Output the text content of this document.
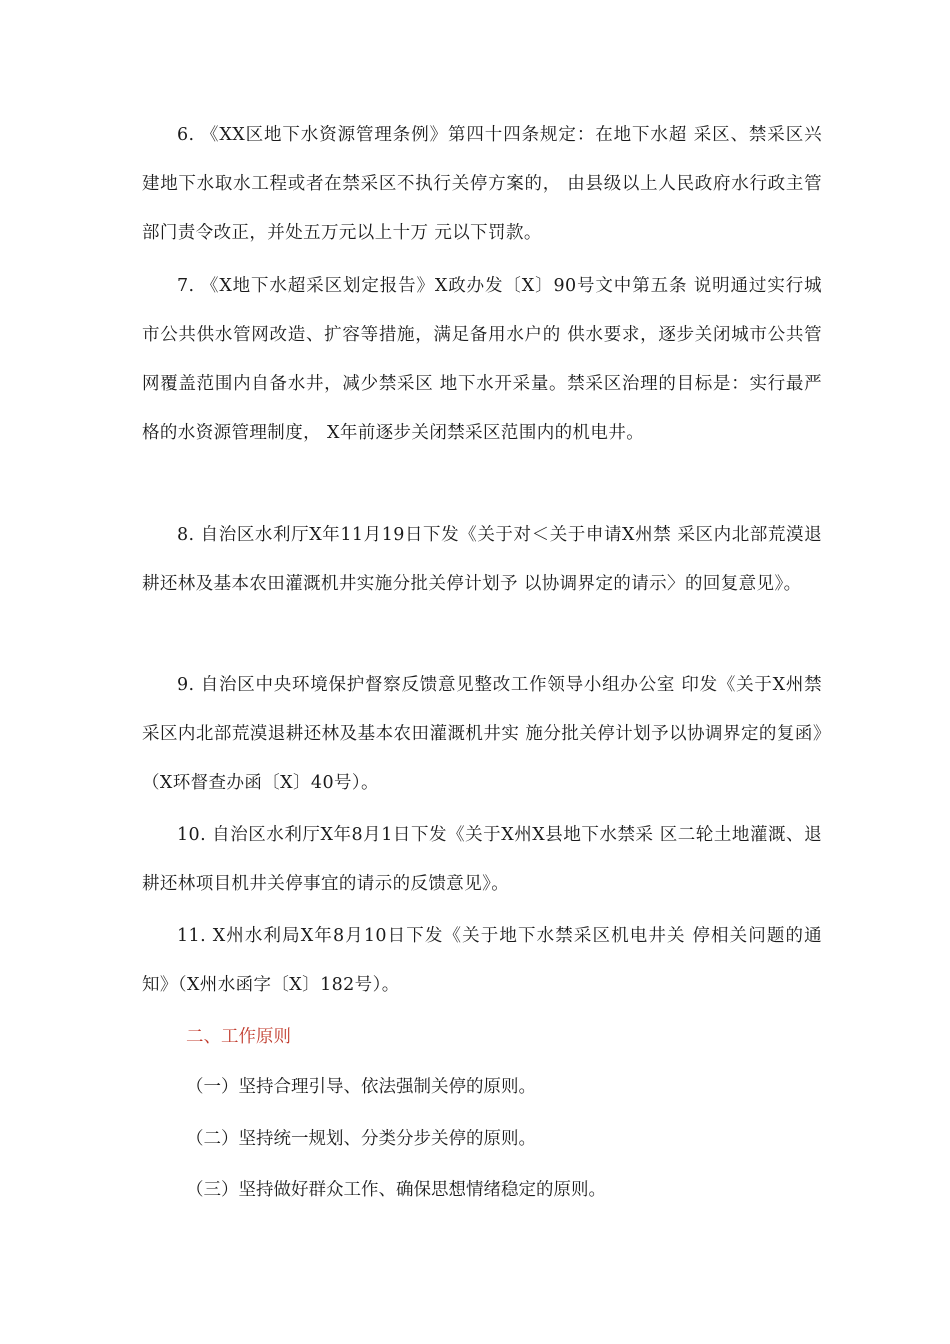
6. 《XX区地下水资源管理条例》第四十四条规定：在地下水超 采区、禁采区兴建地下水取水工程或者在禁采区不执行关停方案的， 由县级以上人民政府水行政主管部门责令改正，并处五万元以上十万 元以下罚款。

7. 《X地下水超采区划定报告》X政办发〔X〕90号文中第五条 说明通过实行城市公共供水管网改造、扩容等措施，满足备用水户的 供水要求，逐步关闭城市公共管网覆盖范围内自备水井，减少禁采区 地下水开采量。禁采区治理的目标是：实行最严格的水资源管理制度， X年前逐步关闭禁采区范围内的机电井。

8. 自治区水利厅X年11月19日下发《关于对＜关于申请X州禁 采区内北部荒漠退耕还林及基本农田灌溉机井实施分批关停计划予 以协调界定的请示〉的回复意见》。

9. 自治区中央环境保护督察反馈意见整改工作领导小组办公室 印发《关于X州禁采区内北部荒漠退耕还林及基本农田灌溉机井实 施分批关停计划予以协调界定的复函》（X环督查办函〔X〕40号）。

10. 自治区水利厅X年8月1日下发《关于X州X县地下水禁采 区二轮土地灌溉、退耕还林项目机井关停事宜的请示的反馈意见》。

11. X州水利局X年8月10日下发《关于地下水禁采区机电井关 停相关问题的通知》（X州水函字〔X〕182号）。

二、工作原则

（一）坚持合理引导、依法强制关停的原则。

（二）坚持统一规划、分类分步关停的原则。

（三）坚持做好群众工作、确保思想情绪稳定的原则。
